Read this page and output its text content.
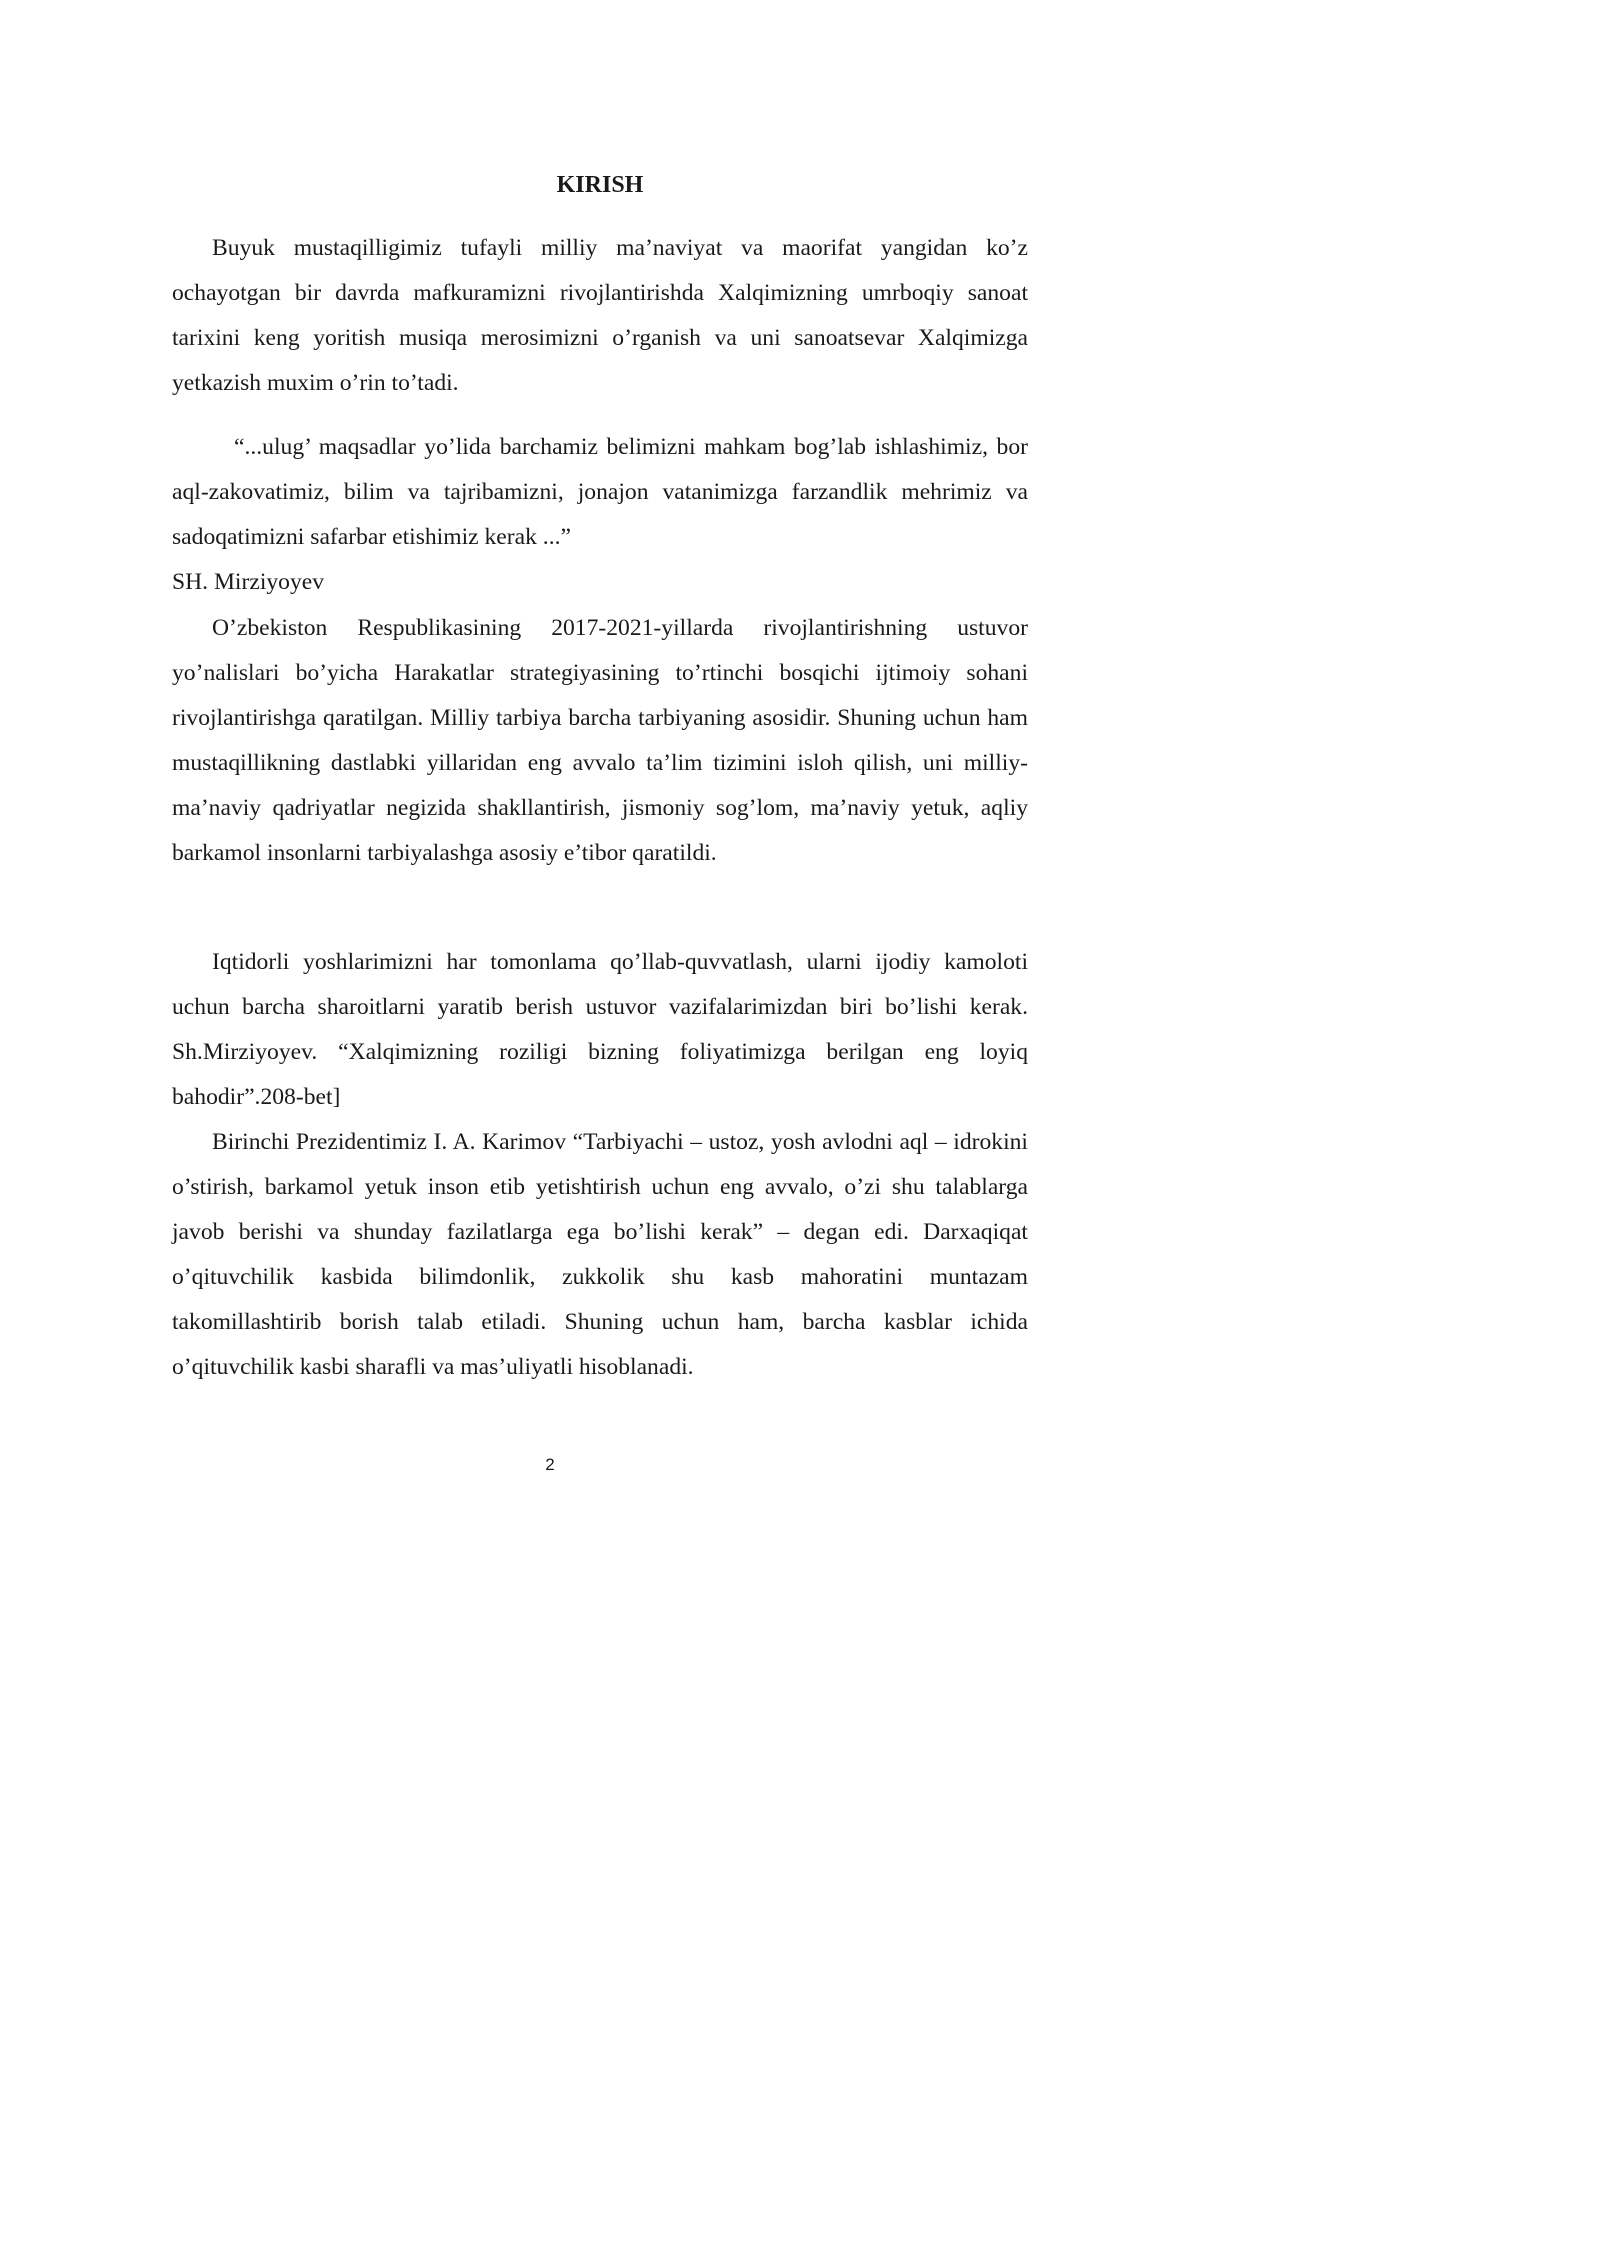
KIRISH

Buyuk mustaqilligimiz tufayli milliy ma’naviyat va maorifat yangidan ko’z ochayotgan bir davrda mafkuramizni rivojlantirishda Xalqimizning umrboqiy sanoat tarixini keng yoritish musiqa merosimizni o’rganish va uni sanoatsevar Xalqimizga yetkazish muxim o’rin to’tadi.

“...ulug’ maqsadlar yo’lida barchamiz belimizni mahkam bog’lab ishlashimiz, bor aql-zakovatimiz, bilim va tajribamizni, jonajon vatanimizga farzandlik mehrimiz va sadoqatimizni safarbar etishimiz kerak ...”

SH. Mirziyoyev

O’zbekiston Respublikasining 2017-2021-yillarda rivojlantirishning ustuvor yo’nalislari bo’yicha Harakatlar strategiyasining to’rtinchi bosqichi ijtimoiy sohani rivojlantirishga qaratilgan. Milliy tarbiya barcha tarbiyaning asosidir. Shuning uchun ham mustaqillikning dastlabki yillaridan eng avvalo ta’lim tizimini isloh qilish, uni milliy-ma’naviy qadriyatlar negizida shakllantirish, jismoniy sog’lom, ma’naviy yetuk, aqliy barkamol insonlarni tarbiyalashga asosiy e’tibor qaratildi.

Iqtidorli yoshlarimizni har tomonlama qo’llab-quvvatlash, ularni ijodiy kamoloti uchun barcha sharoitlarni yaratib berish ustuvor vazifalarimizdan biri bo’lishi kerak. Sh.Mirziyoyev. “Xalqimizning roziligi bizning foliyatimizga berilgan eng loyiq bahodir”.208-bet]

Birinchi Prezidentimiz I. A. Karimov “Tarbiyachi – ustoz, yosh avlodni aql – idrokini o’stirish, barkamol yetuk inson etib yetishtirish uchun eng avvalo, o’zi shu talablarga javob berishi va shunday fazilatlarga ega bo’lishi kerak” – degan edi. Darxaqiqat o’qituvchilik kasbida bilimdonlik, zukkolik shu kasb mahoratini muntazam takomillashtirib borish talab etiladi. Shuning uchun ham, barcha kasblar ichida o’qituvchilik kasbi sharafli va mas’uliyatli hisoblanadi.

2
